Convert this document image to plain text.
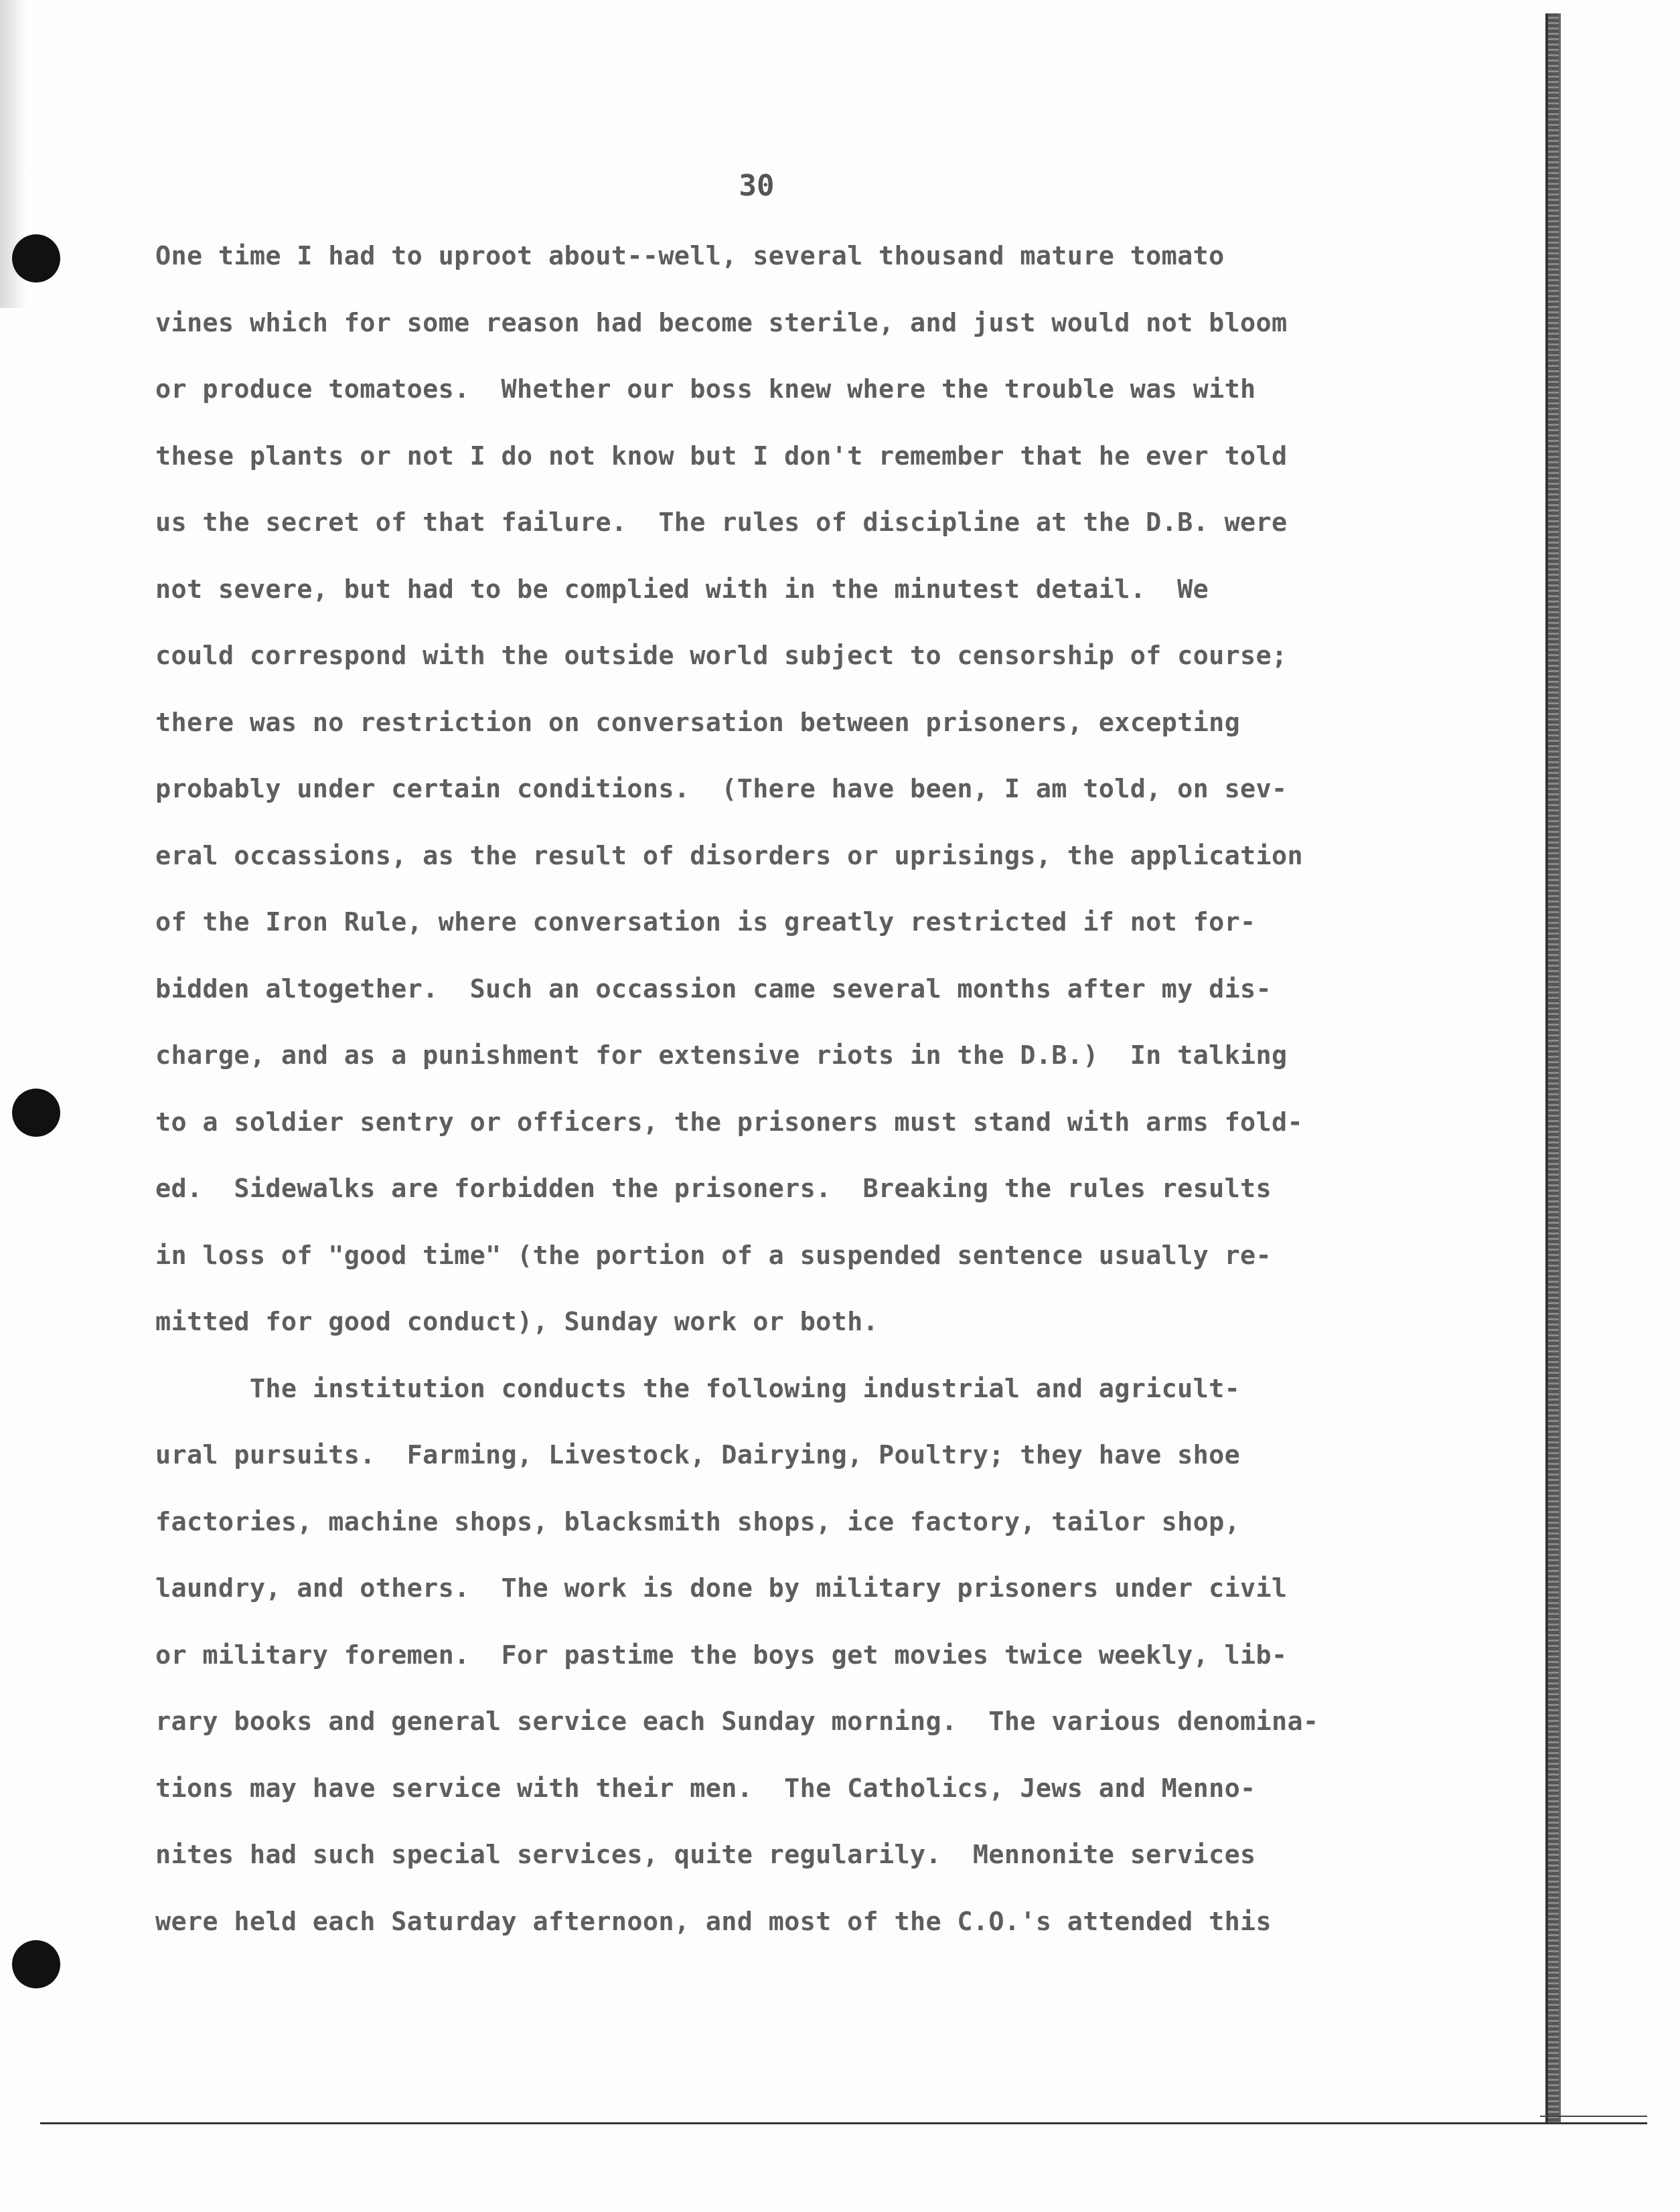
30
One time I had to uproot about--well, several thousand mature tomato
vines which for some reason had become sterile, and just would not bloom
or produce tomatoes.  Whether our boss knew where the trouble was with
these plants or not I do not know but I don't remember that he ever told
us the secret of that failure.  The rules of discipline at the D.B. were
not severe, but had to be complied with in the minutest detail.  We
could correspond with the outside world subject to censorship of course;
there was no restriction on conversation between prisoners, excepting
probably under certain conditions.  (There have been, I am told, on sev-
eral occassions, as the result of disorders or uprisings, the application
of the Iron Rule, where conversation is greatly restricted if not for-
bidden altogether.  Such an occassion came several months after my dis-
charge, and as a punishment for extensive riots in the D.B.)  In talking
to a soldier sentry or officers, the prisoners must stand with arms fold-
ed.  Sidewalks are forbidden the prisoners.  Breaking the rules results
in loss of "good time" (the portion of a suspended sentence usually re-
mitted for good conduct), Sunday work or both.
The institution conducts the following industrial and agricult-
ural pursuits.  Farming, Livestock, Dairying, Poultry; they have shoe
factories, machine shops, blacksmith shops, ice factory, tailor shop,
laundry, and others.  The work is done by military prisoners under civil
or military foremen.  For pastime the boys get movies twice weekly, lib-
rary books and general service each Sunday morning.  The various denomina-
tions may have service with their men.  The Catholics, Jews and Menno-
nites had such special services, quite regularily.  Mennonite services
were held each Saturday afternoon, and most of the C.O.'s attended this
